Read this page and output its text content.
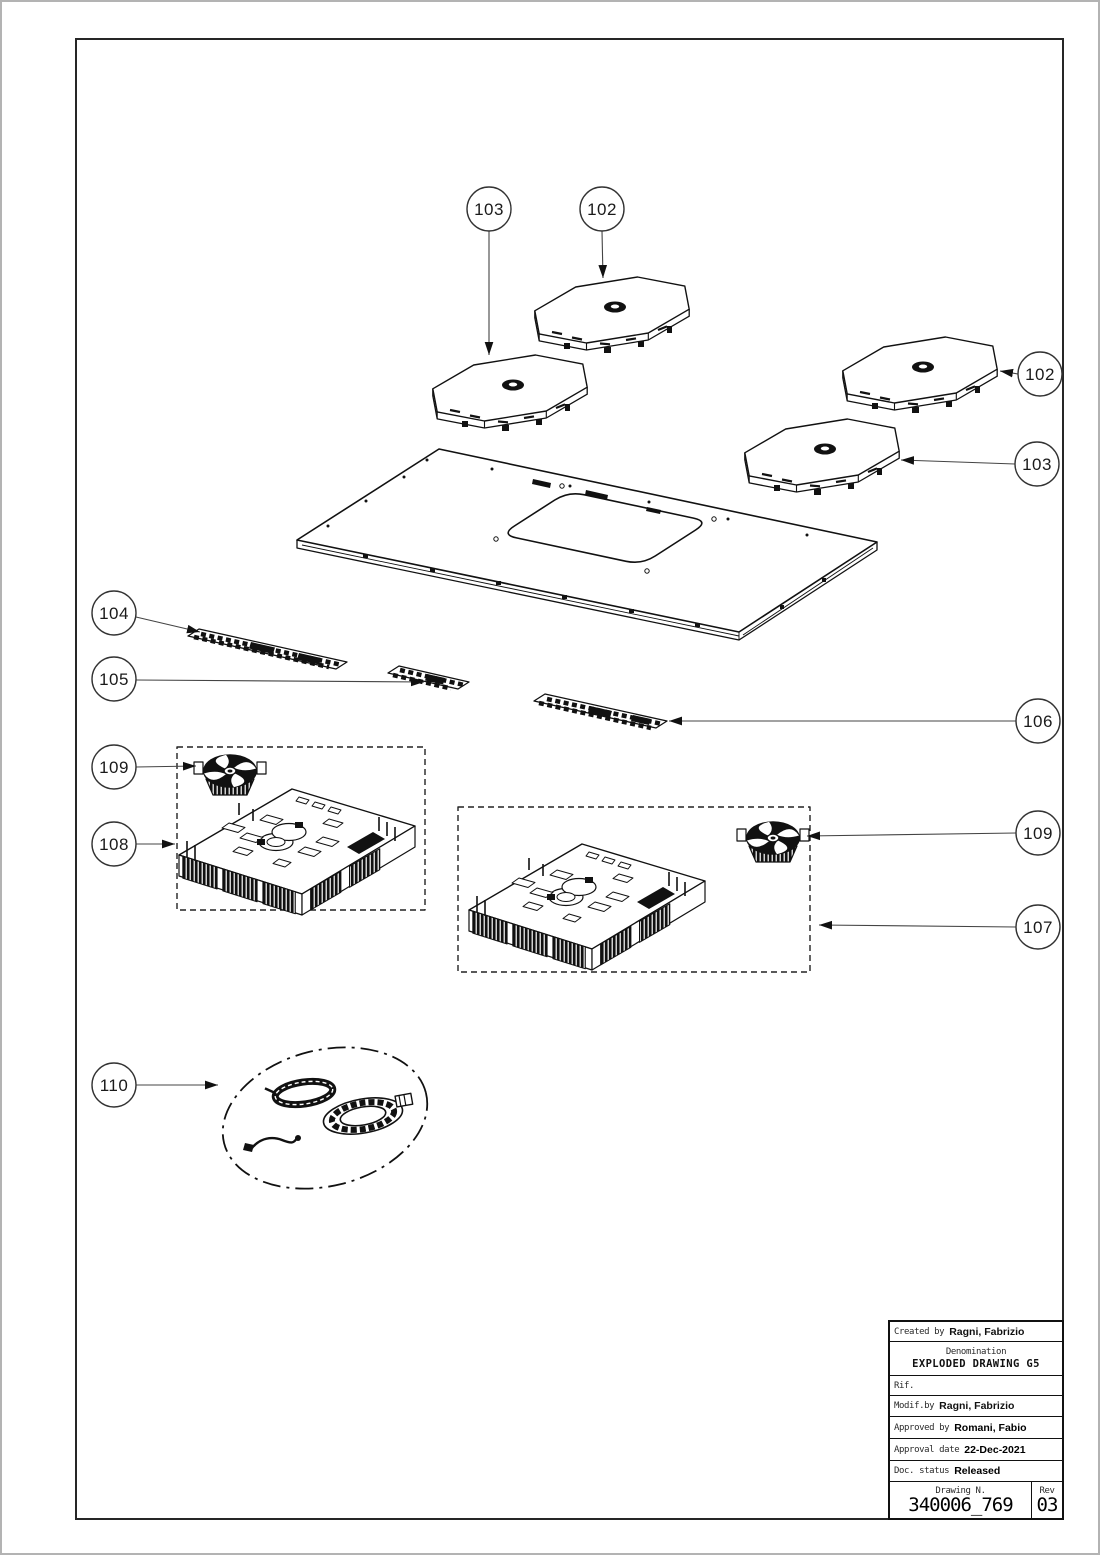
103	102
102
103
104
105
106
109
109
108
107
110
Created by Ragni, Fabrizio
Denomination
EXPLODED DRAWING G5
Rif.
Modif.by Ragni, Fabrizio
Approved by Romani, Fabio
Approval date 22-Dec-2021
Doc. status Released
Drawing N.
340006_769
Rev
03
